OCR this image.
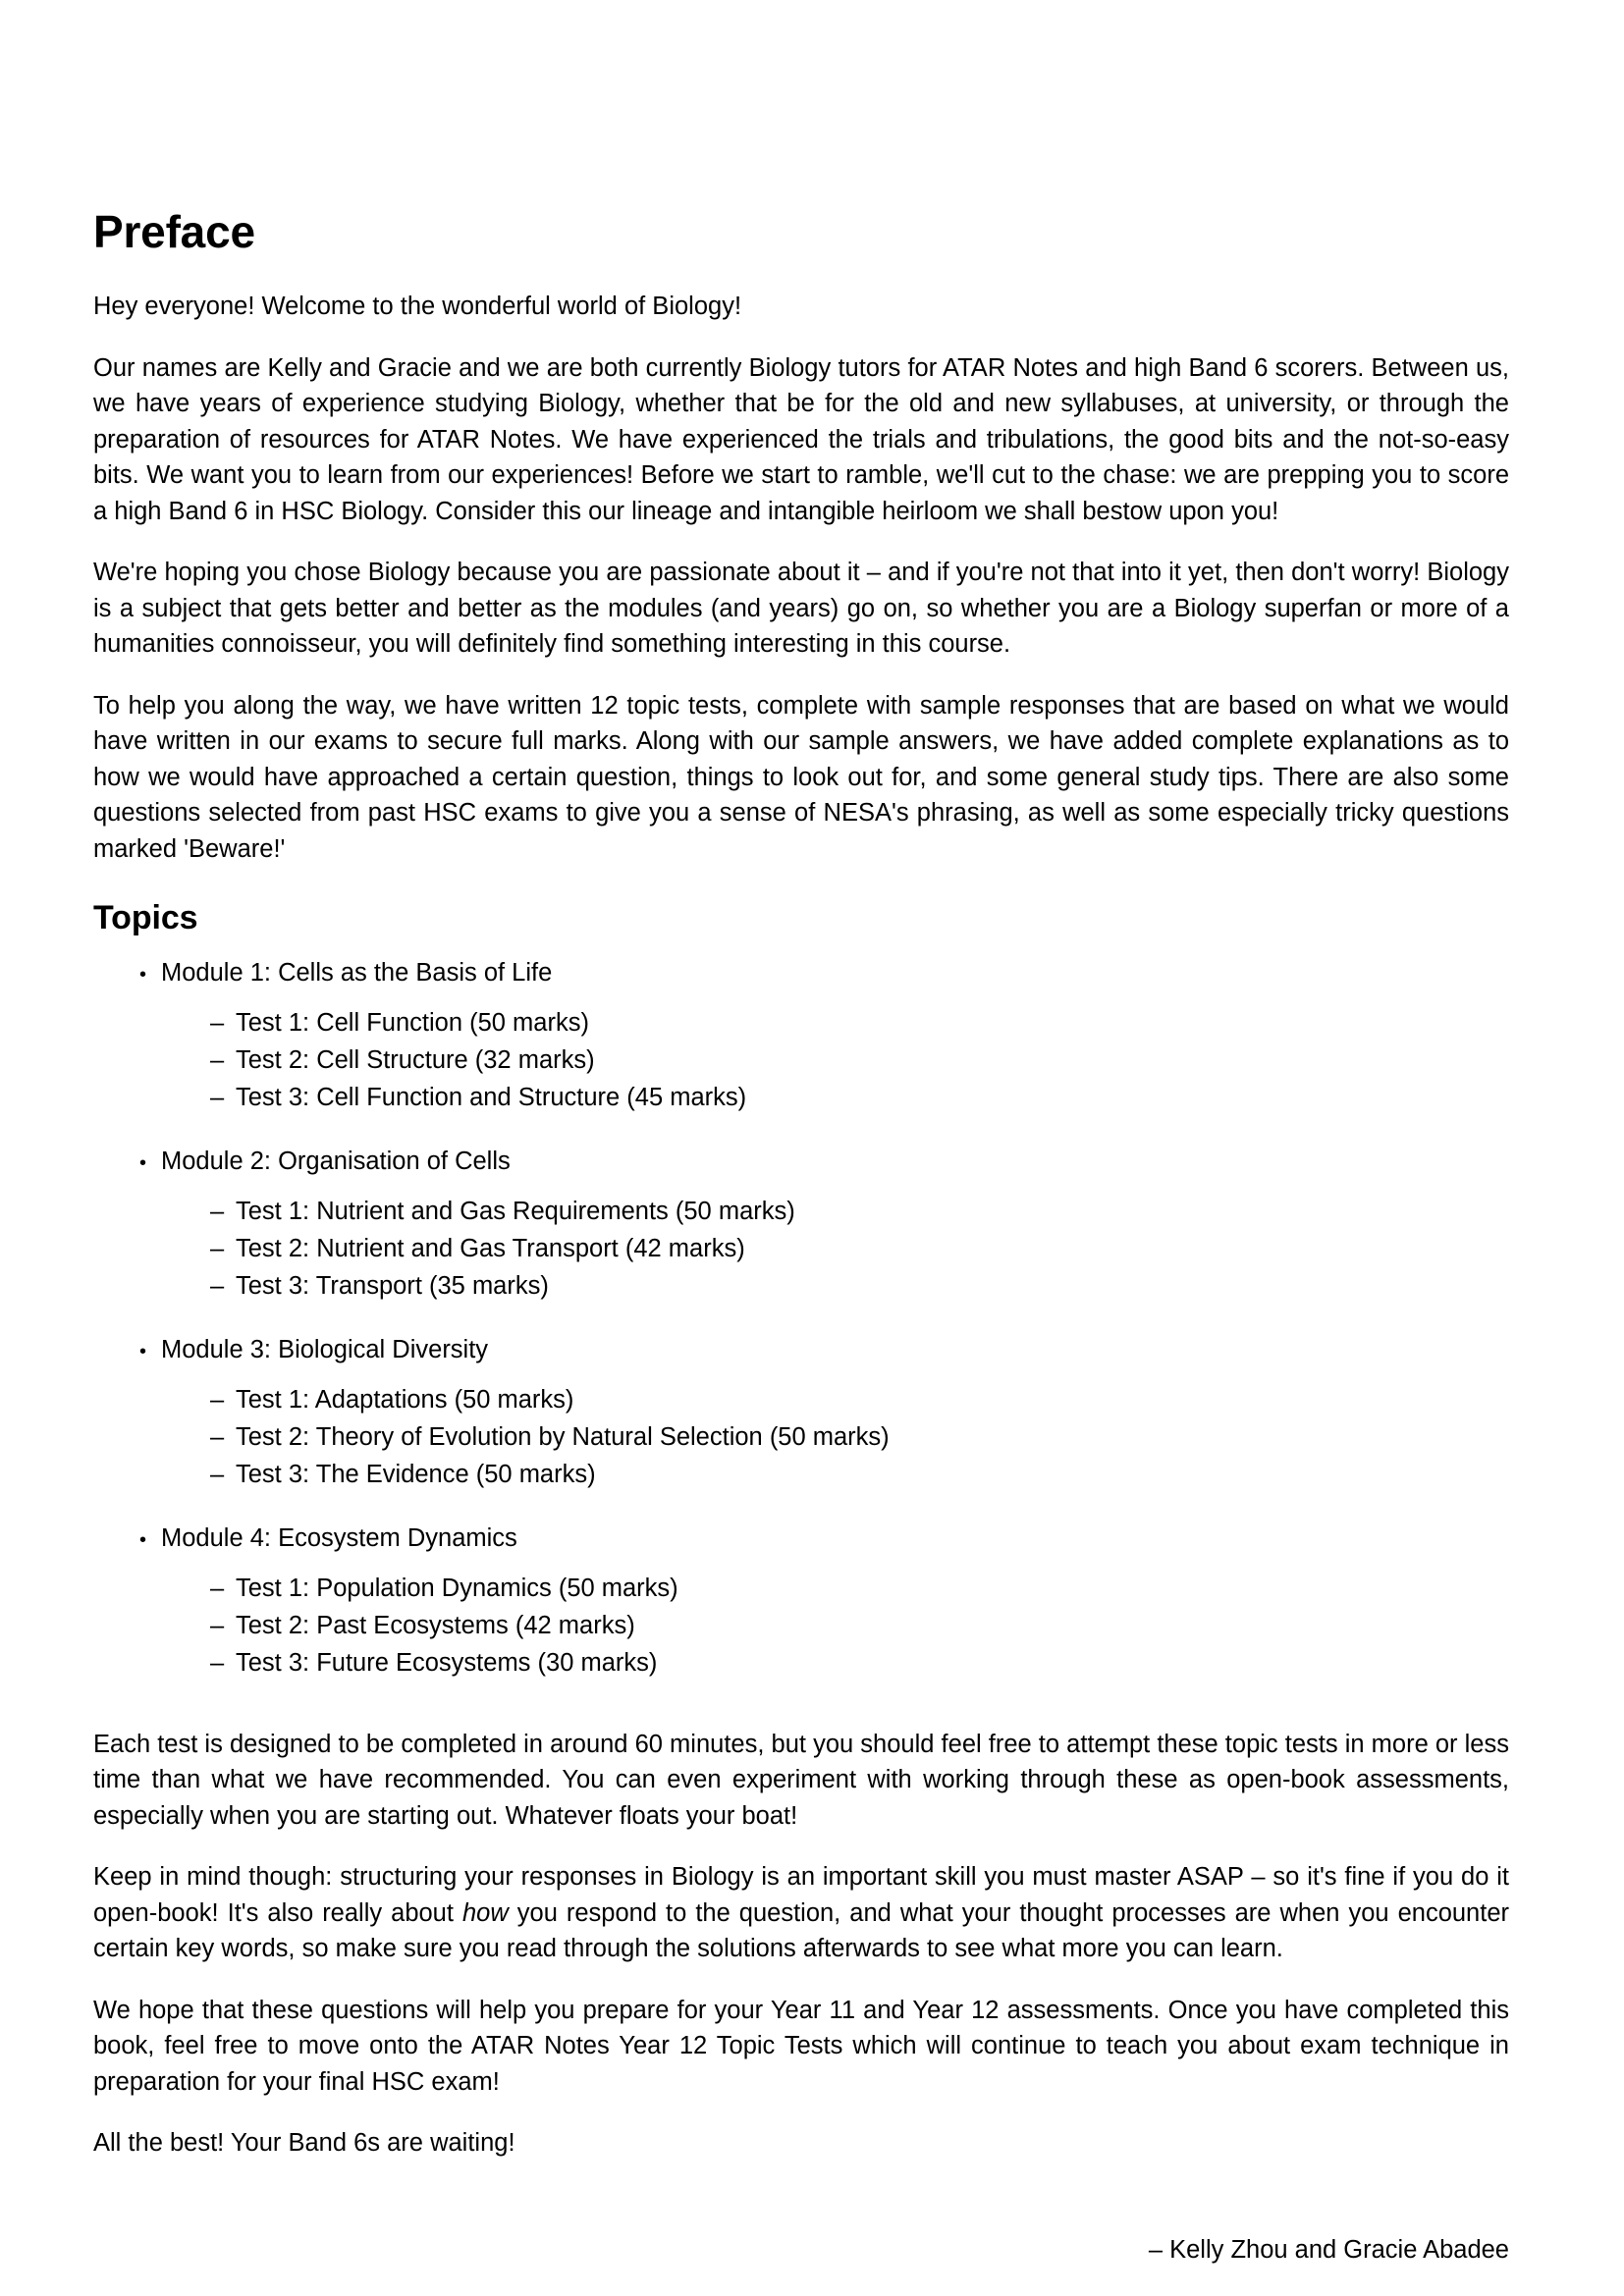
Preface

Hey everyone! Welcome to the wonderful world of Biology!

Our names are Kelly and Gracie and we are both currently Biology tutors for ATAR Notes and high Band 6 scorers. Between us, we have years of experience studying Biology, whether that be for the old and new syllabuses, at university, or through the preparation of resources for ATAR Notes. We have experienced the trials and tribulations, the good bits and the not-so-easy bits. We want you to learn from our experiences! Before we start to ramble, we'll cut to the chase: we are prepping you to score a high Band 6 in HSC Biology. Consider this our lineage and intangible heirloom we shall bestow upon you!

We're hoping you chose Biology because you are passionate about it – and if you're not that into it yet, then don't worry! Biology is a subject that gets better and better as the modules (and years) go on, so whether you are a Biology superfan or more of a humanities connoisseur, you will definitely find something interesting in this course.

To help you along the way, we have written 12 topic tests, complete with sample responses that are based on what we would have written in our exams to secure full marks. Along with our sample answers, we have added complete explanations as to how we would have approached a certain question, things to look out for, and some general study tips. There are also some questions selected from past HSC exams to give you a sense of NESA's phrasing, as well as some especially tricky questions marked 'Beware!'

Topics
• Module 1: Cells as the Basis of Life
– Test 1: Cell Function (50 marks)
– Test 2: Cell Structure (32 marks)
– Test 3: Cell Function and Structure (45 marks)
• Module 2: Organisation of Cells
– Test 1: Nutrient and Gas Requirements (50 marks)
– Test 2: Nutrient and Gas Transport (42 marks)
– Test 3: Transport (35 marks)
• Module 3: Biological Diversity
– Test 1: Adaptations (50 marks)
– Test 2: Theory of Evolution by Natural Selection (50 marks)
– Test 3: The Evidence (50 marks)
• Module 4: Ecosystem Dynamics
– Test 1: Population Dynamics (50 marks)
– Test 2: Past Ecosystems (42 marks)
– Test 3: Future Ecosystems (30 marks)

Each test is designed to be completed in around 60 minutes, but you should feel free to attempt these topic tests in more or less time than what we have recommended. You can even experiment with working through these as open-book assessments, especially when you are starting out. Whatever floats your boat!

Keep in mind though: structuring your responses in Biology is an important skill you must master ASAP – so it's fine if you do it open-book! It's also really about how you respond to the question, and what your thought processes are when you encounter certain key words, so make sure you read through the solutions afterwards to see what more you can learn.

We hope that these questions will help you prepare for your Year 11 and Year 12 assessments. Once you have completed this book, feel free to move onto the ATAR Notes Year 12 Topic Tests which will continue to teach you about exam technique in preparation for your final HSC exam!

All the best! Your Band 6s are waiting!

– Kelly Zhou and Gracie Abadee
